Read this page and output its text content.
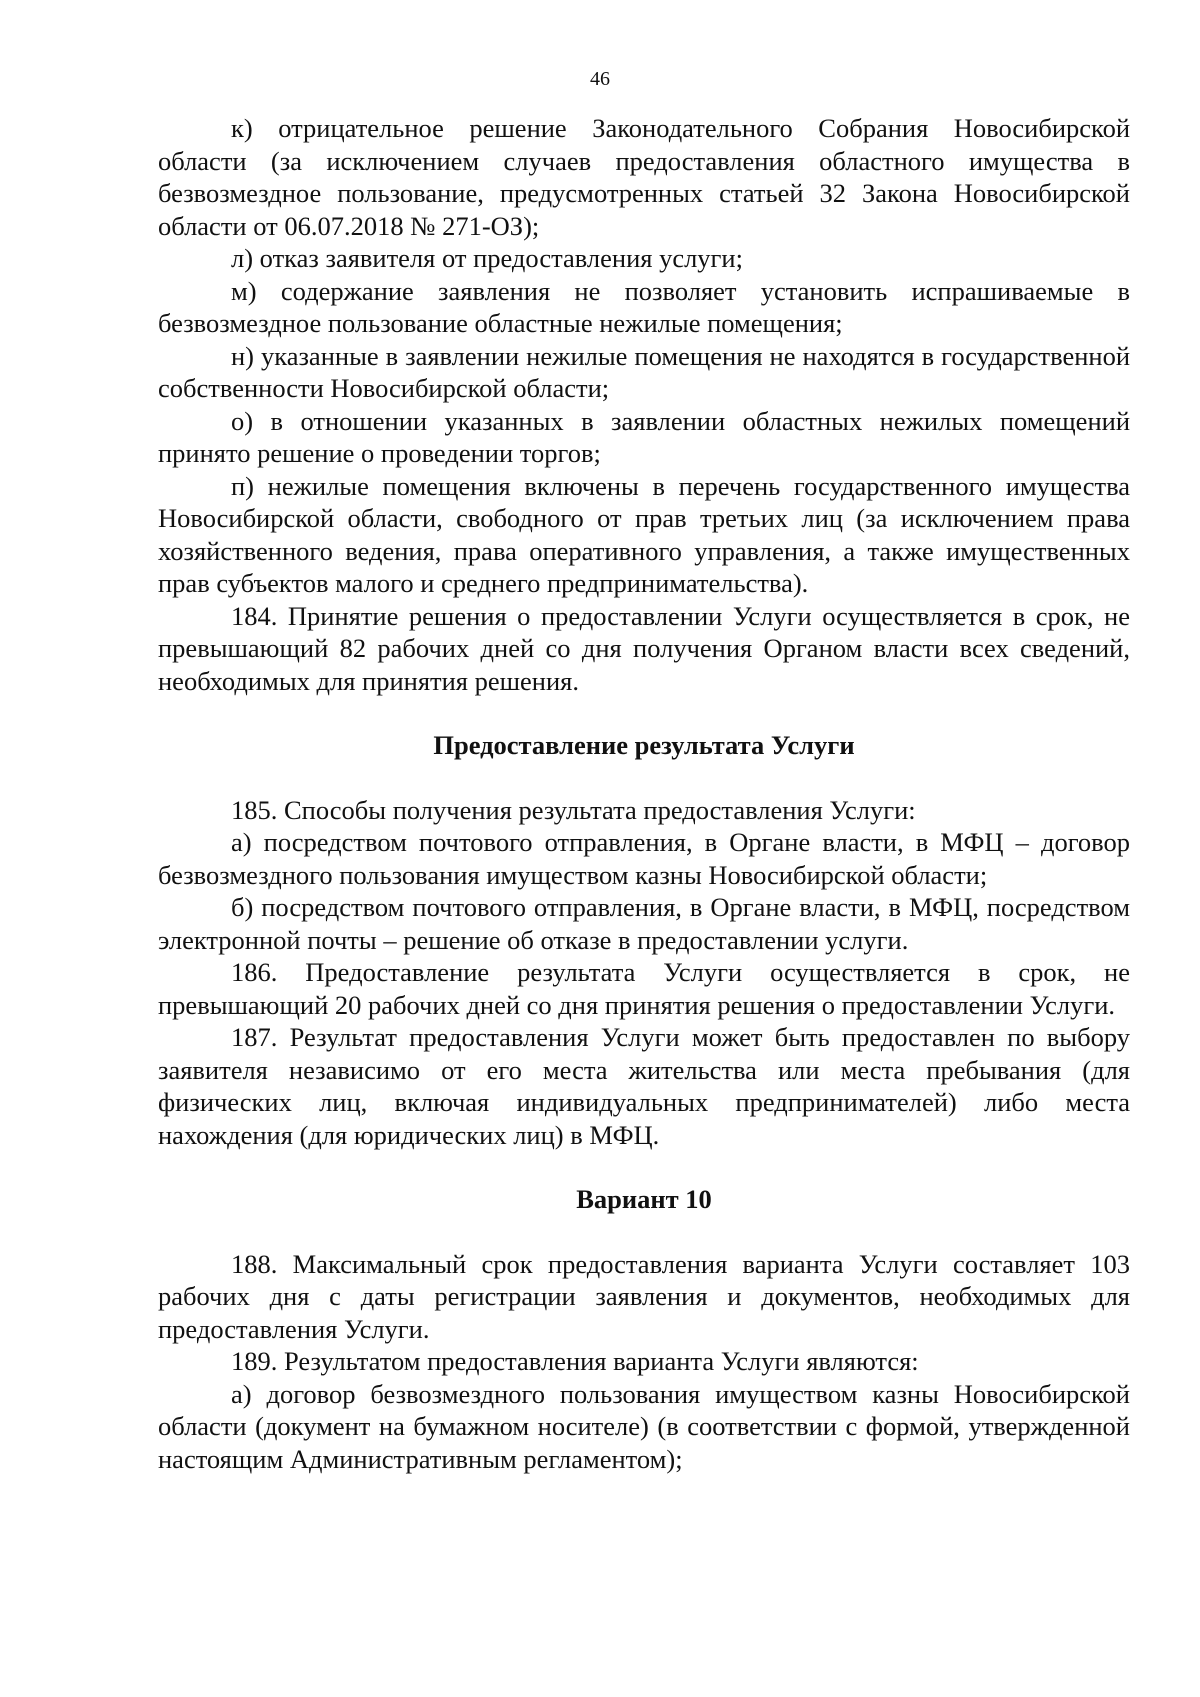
46

к) отрицательное решение Законодательного Собрания Новосибирской области (за исключением случаев предоставления областного имущества в безвозмездное пользование, предусмотренных статьей 32 Закона Новосибирской области от 06.07.2018 № 271-ОЗ);

л) отказ заявителя от предоставления услуги;

м) содержание заявления не позволяет установить испрашиваемые в безвозмездное пользование областные нежилые помещения;

н) указанные в заявлении нежилые помещения не находятся в государственной собственности Новосибирской области;

о) в отношении указанных в заявлении областных нежилых помещений принято решение о проведении торгов;

п) нежилые помещения включены в перечень государственного имущества Новосибирской области, свободного от прав третьих лиц (за исключением права хозяйственного ведения, права оперативного управления, а также имущественных прав субъектов малого и среднего предпринимательства).

184. Принятие решения о предоставлении Услуги осуществляется в срок, не превышающий 82 рабочих дней со дня получения Органом власти всех сведений, необходимых для принятия решения.

Предоставление результата Услуги

185. Способы получения результата предоставления Услуги:

а) посредством почтового отправления, в Органе власти, в МФЦ – договор безвозмездного пользования имуществом казны Новосибирской области;

б) посредством почтового отправления, в Органе власти, в МФЦ, посредством электронной почты – решение об отказе в предоставлении услуги.

186. Предоставление результата Услуги осуществляется в срок, не превышающий 20 рабочих дней со дня принятия решения о предоставлении Услуги.

187. Результат предоставления Услуги может быть предоставлен по выбору заявителя независимо от его места жительства или места пребывания (для физических лиц, включая индивидуальных предпринимателей) либо места нахождения (для юридических лиц) в МФЦ.

Вариант 10

188. Максимальный срок предоставления варианта Услуги составляет 103 рабочих дня с даты регистрации заявления и документов, необходимых для предоставления Услуги.

189. Результатом предоставления варианта Услуги являются:

а) договор безвозмездного пользования имуществом казны Новосибирской области (документ на бумажном носителе) (в соответствии с формой, утвержденной настоящим Административным регламентом);
